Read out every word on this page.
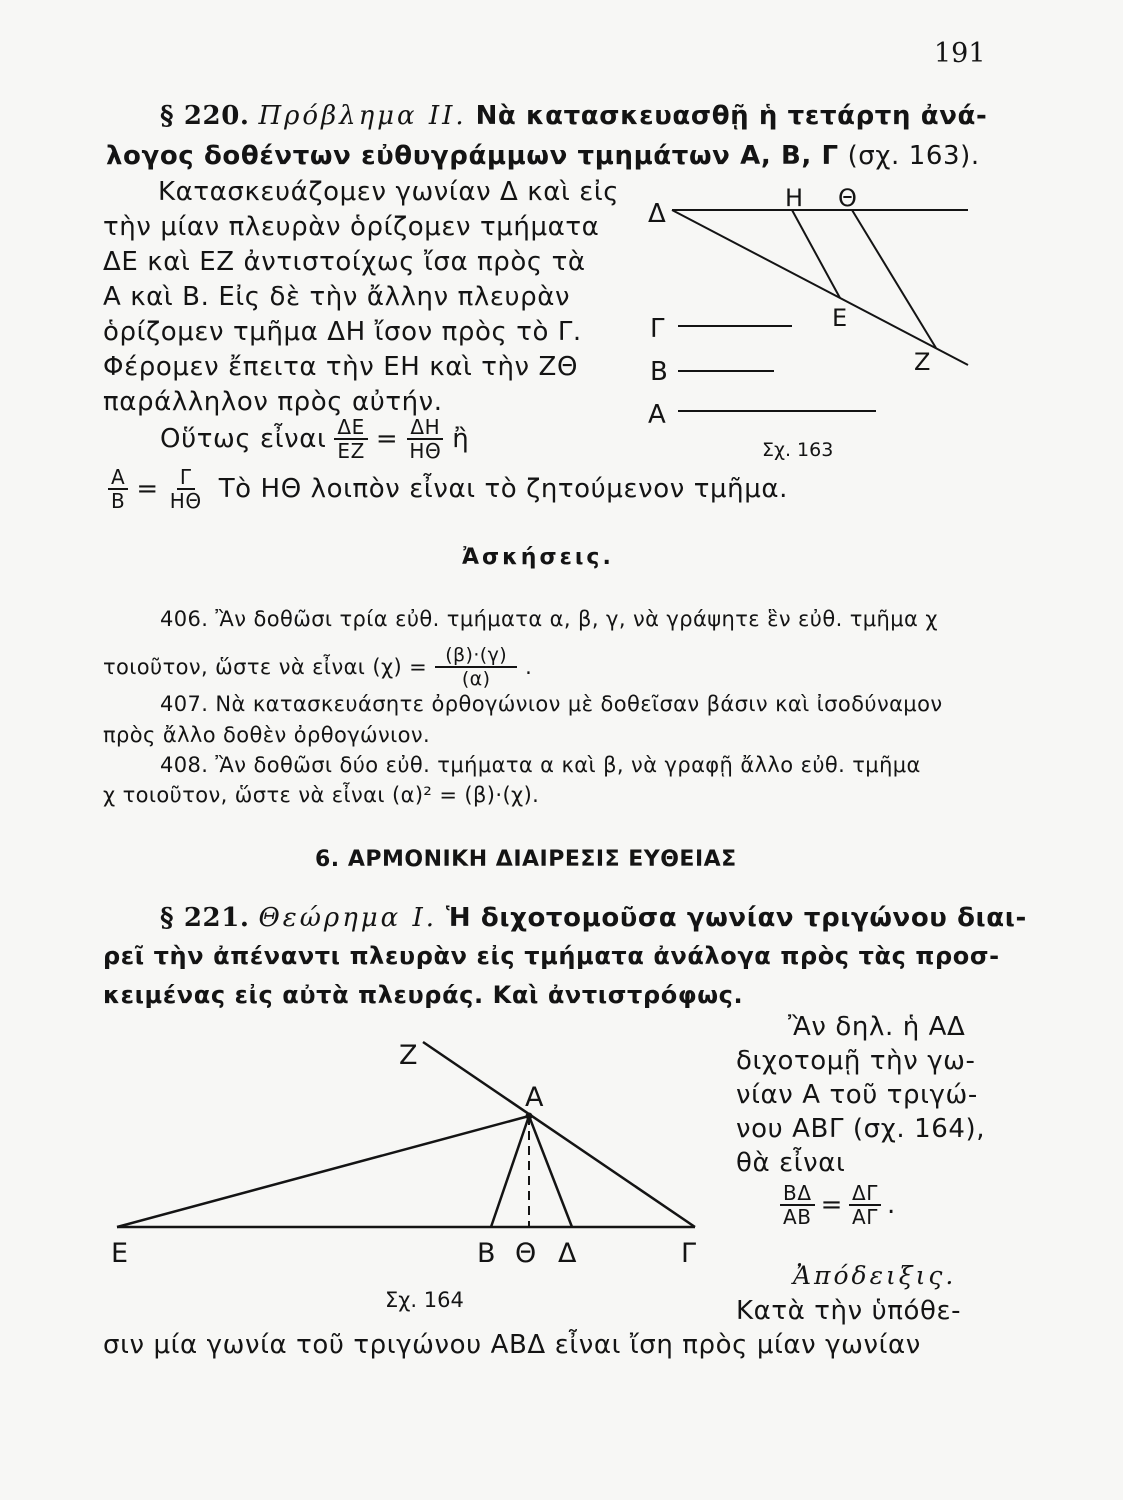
191
§ 220. Πρόβλημα ΙΙ. Νὰ κατασκευασθῇ ἡ τετάρτη ἀνά-
λογος δοθέντων εὐθυγράμμων τμημάτων Α, Β, Γ (σχ. 163).
Κατασκευάζομεν γωνίαν Δ καὶ εἰς
τὴν μίαν πλευρὰν ὁρίζομεν τμήματα
ΔΕ καὶ ΕΖ ἀντιστοίχως ἴσα πρὸς τὰ
Α καὶ Β. Εἰς δὲ τὴν ἄλλην πλευρὰν
ὁρίζομεν τμῆμα ΔΗ ἴσον πρὸς τὸ Γ.
Φέρομεν ἔπειτα τὴν ΕΗ καὶ τὴν ΖΘ
παράλληλον πρὸς αὐτήν.
Οὕτως εἶναι $\frac{\Delta E}{EZ} = \frac{\Delta H}{H\Theta}$ ἢ
$\frac{A}{B} = \frac{\Gamma}{H\Theta}$ Τὸ ΗΘ λοιπὸν εἶναι τὸ ζητούμενον τμῆμα.
Δ
Η Θ
Ε
Ζ
Γ
Β
Α
Σχ. 163
Ἀσκήσεις.
406. Ἂν δοθῶσι τρία εὐθ. τμήματα α, β, γ, νὰ γράψητε ἓν εὐθ. τμῆμα χ
τοιοῦτον, ὥστε νὰ εἶναι $(\chi) = \frac{(\beta)\cdot(\gamma)}{(\alpha)}$ .
407. Νὰ κατασκευάσητε ὀρθογώνιον μὲ δοθεῖσαν βάσιν καὶ ἰσοδύναμον
πρὸς ἄλλο δοθὲν ὀρθογώνιον.
408. Ἂν δοθῶσι δύο εὐθ. τμήματα α καὶ β, νὰ γραφῇ ἄλλο εὐθ. τμῆμα
χ τοιοῦτον, ὥστε νὰ εἶναι (α)² = (β)·(χ).
6. ΑΡΜΟΝΙΚΗ ΔΙΑΙΡΕΣΙΣ ΕΥΘΕΙΑΣ
§ 221. Θεώρημα Ι. Ἡ διχοτομοῦσα γωνίαν τριγώνου διαι-
ρεῖ τὴν ἀπέναντι πλευρὰν εἰς τμήματα ἀνάλογα πρὸς τὰς προσ-
κειμένας εἰς αὐτὰ πλευράς. Καὶ ἀντιστρόφως.
Ἂν δηλ. ἡ ΑΔ
διχοτομῇ τὴν γω-
νίαν Α τοῦ τριγώ-
νου ΑΒΓ (σχ. 164),
θὰ εἶναι
$\frac{B\Delta}{AB} = \frac{\Delta\Gamma}{A\Gamma}$ .
Ἀπόδειξις.
Κατὰ τὴν ὑπόθε-
σιν μία γωνία τοῦ τριγώνου ΑΒΔ εἶναι ἴση πρὸς μίαν γωνίαν
Ζ
Α
Ε	Β Θ Δ	Γ
Σχ. 164
